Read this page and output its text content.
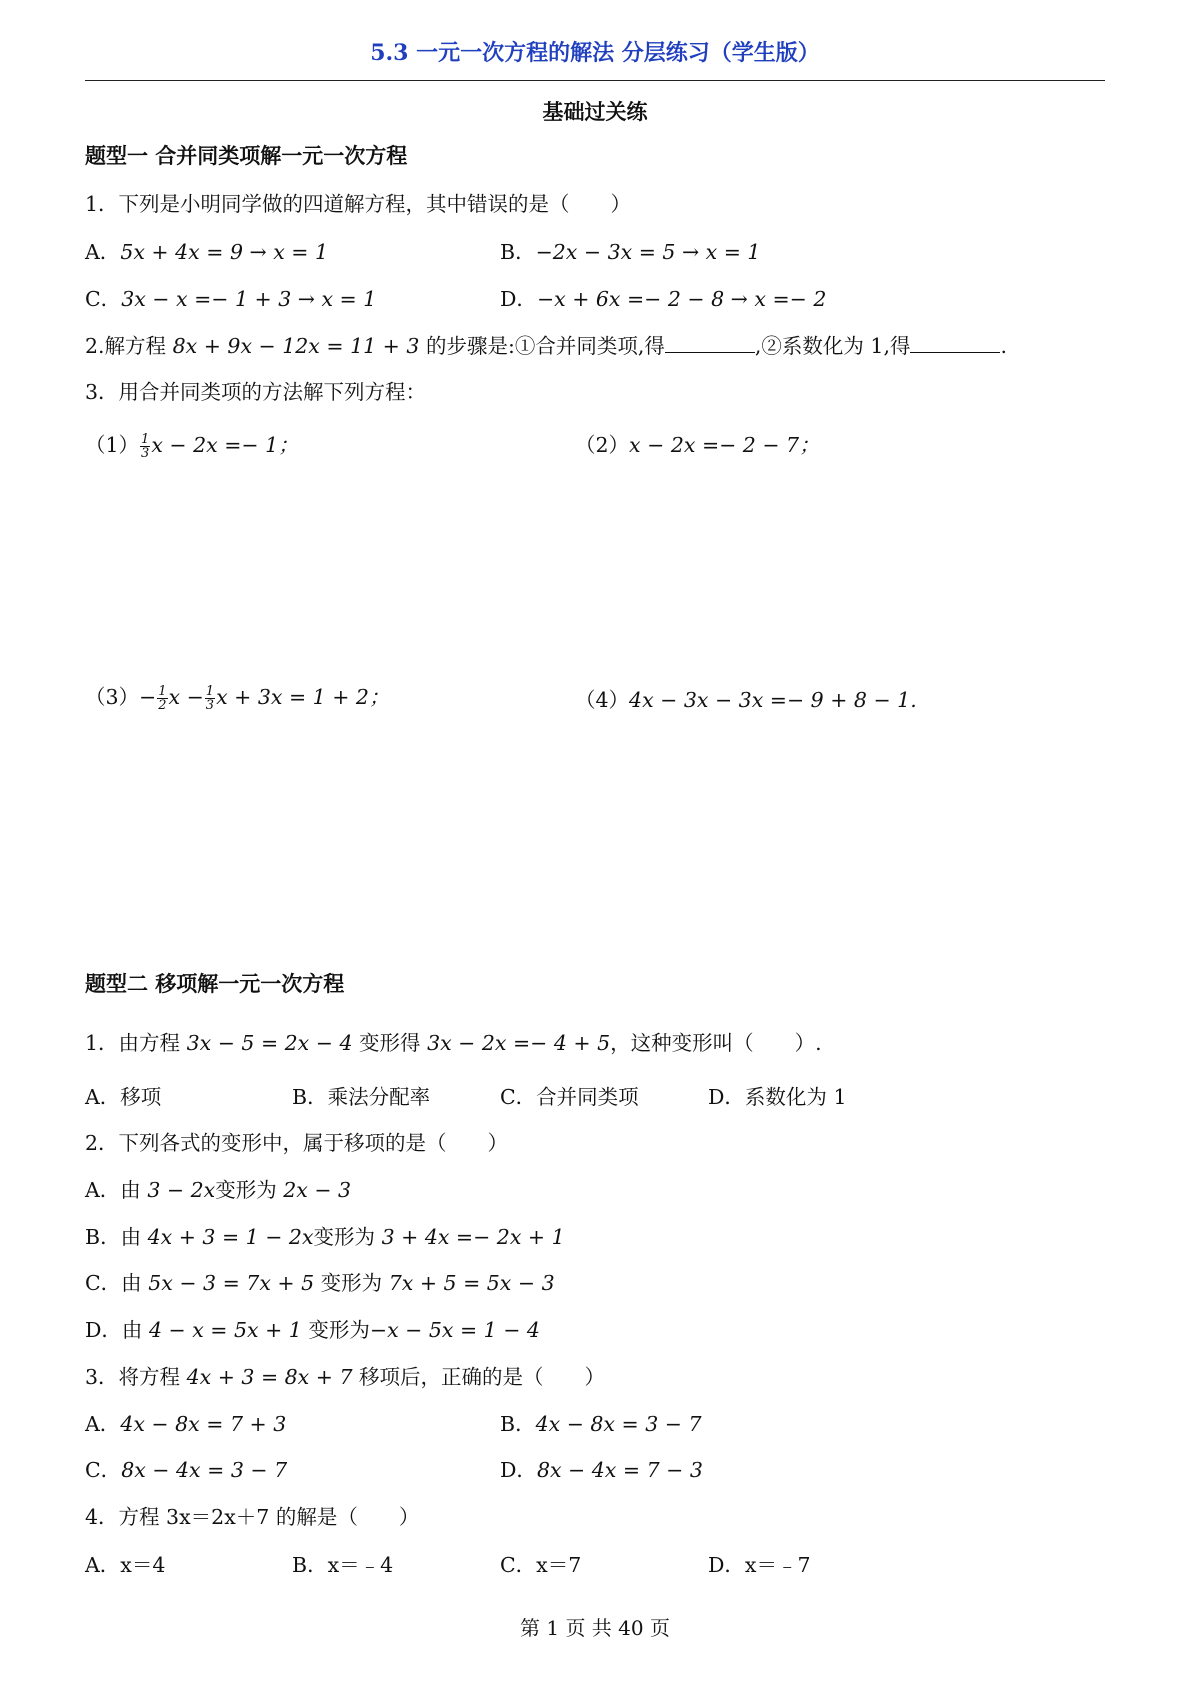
5.3 一元一次方程的解法 分层练习（学生版）
基础过关练
题型一 合并同类项解一元一次方程
1．下列是小明同学做的四道解方程，其中错误的是（　　）
A．5x + 4x = 9 → x = 1	B．−2x − 3x = 5 → x = 1
C．3x − x =− 1 + 3 → x = 1	D．−x + 6x =− 2 − 8 → x =− 2
2.解方程 8x + 9x − 12x = 11 + 3 的步骤是:①合并同类项,得	,②系数化为 1,得	.
3．用合并同类项的方法解下列方程：
$(1) \frac{1}{3}$ x − 2x =− 1；	（2）x − 2x =− 2 − 7；
$(3)- \frac{1}{2}$ $x - \frac{1}{3}$ x + 3x = 1 + 2；	（4）4x − 3x − 3x =− 9 + 8 − 1.
题型二 移项解一元一次方程
1．由方程 3x − 5 = 2x − 4 变形得 3x − 2x =− 4 + 5，这种变形叫（　　）.
A．移项	B．乘法分配率	C．合并同类项	D．系数化为 1
2．下列各式的变形中，属于移项的是（　　）
A．由 3 − 2x变形为 2x − 3
B．由 4x + 3 = 1 − 2x变形为 3 + 4x =− 2x + 1
C．由 5x − 3 = 7x + 5 变形为 7x + 5 = 5x − 3
D．由 4 − x = 5x + 1 变形为−x − 5x = 1 − 4
3．将方程 4x + 3 = 8x + 7 移项后，正确的是（　　）
A．4x − 8x = 7 + 3	B．4x − 8x = 3 − 7
C．8x − 4x = 3 − 7	D．8x − 4x = 7 − 3
4．方程 3x＝2x＋7 的解是（　　）
A．x＝4	B．x＝﹣4	C．x＝7	D．x＝﹣7
第 1 页 共 40 页
